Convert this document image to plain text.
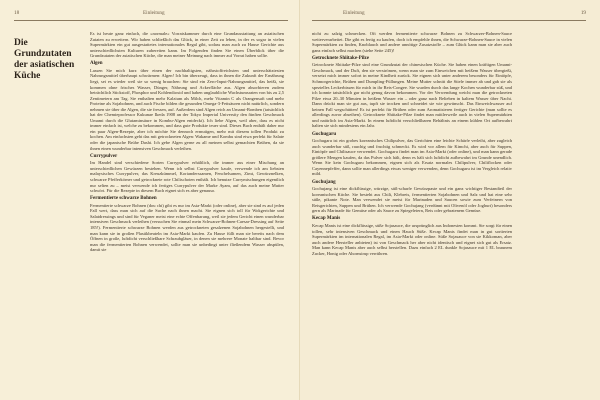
18	Einleitung
Die Grundzutaten der asiatischen Küche

Es ist heute ganz einfach, die »normale« Vorratskammer durch eine Grundausstattung an asiatischen Zutaten zu erweitern. Wir haben schließlich das Glück, in einer Zeit zu leben, in der es sogar in vielen Supermärkten ein gut ausgestattetes internationales Regal gibt, sodass man auch zu Hause Gerichte aus unterschiedlichsten Kulturen zubereiten kann. Im Folgenden finden Sie einen Überblick über die Grundzutaten der asiatischen Küche, die man meiner Meinung nach immer auf Vorrat haben sollte.

Algen

Lassen Sie mich kurz über einen der nachhaltigsten, nährstoffreichsten und unterschätztesten Nahrungsmittel überhaupt schwärmen: Algen! Ich bin überzeugt, dass in ihnen die Zukunft der Ernährung liegt, sei es wieder weil sie so wenig brauchen: Sie sind ein Zero-Input-Nahrungsmittel, das heißt, sie kommen ohne frisches Wasser, Dünger, Nährung und Ackerfläche aus. Algen absorbieren zudem beträchtlich Stickstoff, Phosphor und Kohlendioxid und haben unglaubliche Wachstumsraten von bis zu 2,5 Zentimetern am Tag. Sie enthalten mehr Kalzium als Milch, mehr Vitamin C als Orangensaft und mehr Proteine als Sojabohnen, und auch Fische bilden die gesunden Omega-3-Fettsäuren nicht natürlich, sondern nehmen sie über die Algen, die sie fressen, auf. Außerdem sind Algen reich an Umami-Bomben (tatsächlich hat der Chemieprofessor Kukunae Ikeda 1908 an der Tokyo Imperial University den fünften Geschmack Umami durch die Glutaminsäure in Kombu-Algen entdeckt). Ich liebe Algen, weil aber, dass es nicht immer einfach ist, welche zu bekommen, und dass gute Produkte teuer sind. Dieses Buch enthält daher nur ein paar Algen-Rezepte, aber ich möchte Sie dennoch ermutigen, mehr mit diesem tollen Produkt zu kochen. Am einfachsten geht das mit getrockneten Algen: Wakame und Kombu sind etwa perfekt für Salate oder die japanische Brühe Dashi. Ich gebe Algen gerne zu all meinen selbst gemachten Brühen, da sie ihnen einen wunderbar intensiven Geschmack verleihen.

Currypulver

Im Handel sind verschiedene Sorten Currypulver erhältlich, die immer aus einer Mischung an unterschiedlichen Gewürzen bestehen. Wenn ich selbst Currypulver kaufe, verwende ich am liebsten malaysisches Currypulver, das Kreuzkümmel, Korianderssamen, Fenchelsamen, Zimt, Gewürznelken, schwarze Pfefferkörner und getrocknete rote Chilischoten enthält. Ich benutze Currymischungen eigentlich nur selten zu – meist verwende ich fertiges Currypulver der Marke Ayam, auf das auch meine Mutter schwört. Für die Rezepte in diesem Buch eignet sich es aber genauso.

Fermentierte schwarze Bohnen

Fermentierte schwarze Bohnen (dou chi) gibt es nur im Asia-Markt (oder online), aber sie sind es auf jeden Fall wert, dass man sich auf die Suche nach ihnen macht. Sie eignen sich toll für Wokgerichte und Salatdressings und sind für Veganer meist eine echte Offenbarung, weil sie jedem Gericht einen wunderbar intensiven Geschmack verleihen (versuchen Sie einmal mein Schwarze-Bohnen-Caesar-Dressing auf Seite 185!). Fermentierte schwarze Bohnen werden aus getrockneten gesalzenen Sojabohnen hergestellt, und man kann sie in großen Plastikbeuteln im Asia-Markt kaufen. Zu Hause füllt man sie bereits nach dem Öffnen in große, luftdicht verschließbare Schraubgläser, in denen sie mehrere Monate haltbar sind. Bevor man die fermentierten Bohnen verwendet, sollte man sie unbedingt unter fließendem Wasser abspülen, damit sie

19
Einleitung

nicht zu salzig schmecken. Oft werden fermentierte schwarze Bohnen zu Schwarzer-Bohnen-Sauce weiterverarbeitet. Die gibt es fertig zu kaufen, doch ich empfehle ihnen, die Schwarze-Bohnen-Sauce in vielen Supermärkten zu finden, Knoblauch und andere unnötige Zusatzstoffe – zum Glück kann man sie aber auch ganz einfach selbst machen (siehe Seite 245)!

Getrocknete Shiitake-Pilze

Getrocknete Shiitake-Pilze sind eine Grundzutat der chinesischen Küche. Sie haben einen kräftigen Umami-Geschmack, und der Duft, den sie verströmen, wenn man sie zum Einweichen mit heißem Wasser übergießt, versetzt mich immer sofort in meine Kindheit zurück. Sie eignen sich unter anderem besonders für Eintöpfe, Schmorgerichte, Brühen und Dumpling-Füllungen. Meine Mutter schnitt die Stiele immer ab und gab sie als spezielles Leckerbissen für mich in ihr Reis-Congee. Sie wurden durch das lange Kochen wunderbar süß, und ich konnte tatsächlich gar nicht genug davon bekommen. Vor der Verwendung weicht man die getrockneten Pilze etwa 20–30 Minuten in heißem Wasser ein – oder ganz nach Belieben in kaltem Wasser über Nacht. Dann drückt man sie gut aus, tupft sie trocken und schneidet sie wie gewünscht. Das Einweichwasser auf keinen Fall wegschütten! Es ist perfekt für Brühen oder zum Aromatisieren fertiger Gerichte (man sollte es allerdings zuvor abseihen). Getrocknete Shiitake-Pilze findet man mittlerweile auch in vielen Supermärkten und natürlich im Asia-Markt. In einem luftdicht verschließbaren Behältnis an einem kühlen Ort aufbewahrt halten sie sich mindestens ein Jahr.

Gochugaru

Gochugaru ist ein grobes koreanisches Chilipulver, das Gerichten eine leichte Schärfe verleiht, aber zugleich auch wunderbar süß, rauchig und fruchtig schmeckt. Es wird vor allem für Kimchi, aber auch für Suppen, Eintöpfe und Chilisauce verwendet. Gochugaru findet man im Asia-Markt (oder online), und man kann gerade größere Mengen kaufen, da das Pulver sich hält, denn es hält sich luftdicht aufbewahrt im Grunde unendlich. Wenn Sie kein Gochugaru bekommen, eignen sich als Ersatz normales Chilipulver, Chiliflocken oder Cayennepfeffer, dann sollte man allerdings etwas weniger verwenden, denn Gochugaru ist im Vergleich relativ mild.

Gochujang

Gochujang ist eine dickflüssige, würzige, süß-scharfe Gewürzpaste und ein ganz wichtiger Bestandteil der koreanischen Küche. Sie besteht aus Chili, Klebreis, fermentierten Sojabohnen und Salz und hat eine sehr süße, pikante Note. Man verwendet sie meist für Marinaden und Saucen sowie zum Verfeinern von Reisgerichten, Suppen und Brühen. Ich verwende Gochujang (verdünnt mit Olivenöl oder Joghurt) besonders gern als Marinade für Gemüse oder als Sauce zu Spiegeleiern, Reis oder gebratenem Gemüse.

Kecap Manis

Kecap Manis ist eine dickflüssige, süße Sojasauce, die ursprünglich aus Indonesien kommt. Sie sorgt für einen tollen, sehr intensiven Geschmack und einen Hauch Süße. Kecap Manis findet man in gut sortierten Supermärkten im internationalen Regal, im Asia-Markt oder online. Süße Sojasauce von sie Kikkoman, aber auch andere Hersteller anbieten) ist von Geschmack her aber nicht identisch und eignet sich gut als Ersatz. Man kann Kecap Manis aber auch selbst herstellen. Dazu einfach 2 EL dunkle Sojasauce mit 1 EL braunem Zucker, Honig oder Ahornsirup verrühren.
